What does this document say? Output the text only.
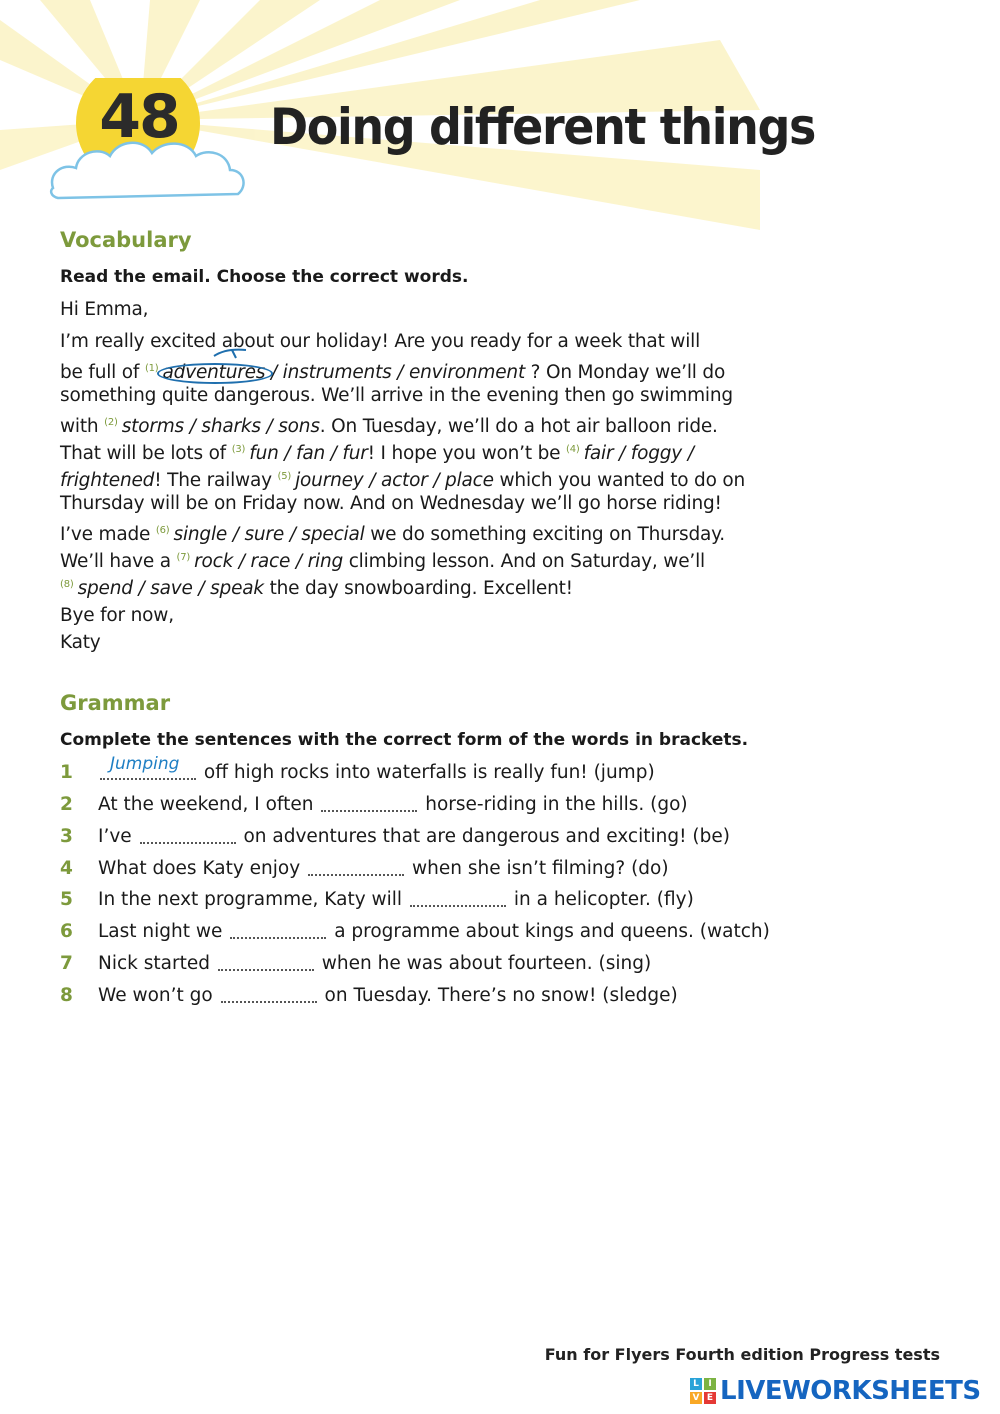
48	Doing different things
Vocabulary
Read the email. Choose the correct words.
Hi Emma,
I’m really excited about our holiday! Are you ready for a week that will
be full of $^{(1)}$ adventures / instruments / environment ? On Monday we’ll do
something quite dangerous. We’ll arrive in the evening then go swimming
with $^{(2)}$ storms / sharks / sons. On Tuesday, we’ll do a hot air balloon ride.
That will be lots of $^{(3)}$ fun / fan / fur! I hope you won’t be $^{(4)}$ fair / foggy /
frightened! The railway $^{(5)}$ journey / actor / place which you wanted to do on
Thursday will be on Friday now. And on Wednesday we’ll go horse riding!
I’ve made $^{(6)}$ single / sure / special we do something exciting on Thursday.
We’ll have a $^{(7)}$ rock / race / ring climbing lesson. And on Saturday, we’ll
$^{(8)}$ spend / save / speak the day snowboarding. Excellent!
Bye for now,
Katy
Grammar
Complete the sentences with the correct form of the words in brackets.
1 Jumping off high rocks into waterfalls is really fun! (jump)
2 At the weekend, I often	horse-riding in the hills. (go)
3 I’ve	on adventures that are dangerous and exciting! (be)
4 What does Katy enjoy	when she isn’t filming? (do)
5 In the next programme, Katy will	in a helicopter. (fly)
6 Last night we	a programme about kings and queens. (watch)
7 Nick started	when he was about fourteen. (sing)
8 We won’t go	on Tuesday. There’s no snow! (sledge)
Fun for Flyers Fourth edition Progress tests
L	I
V E LIVEWORKSHEETS
